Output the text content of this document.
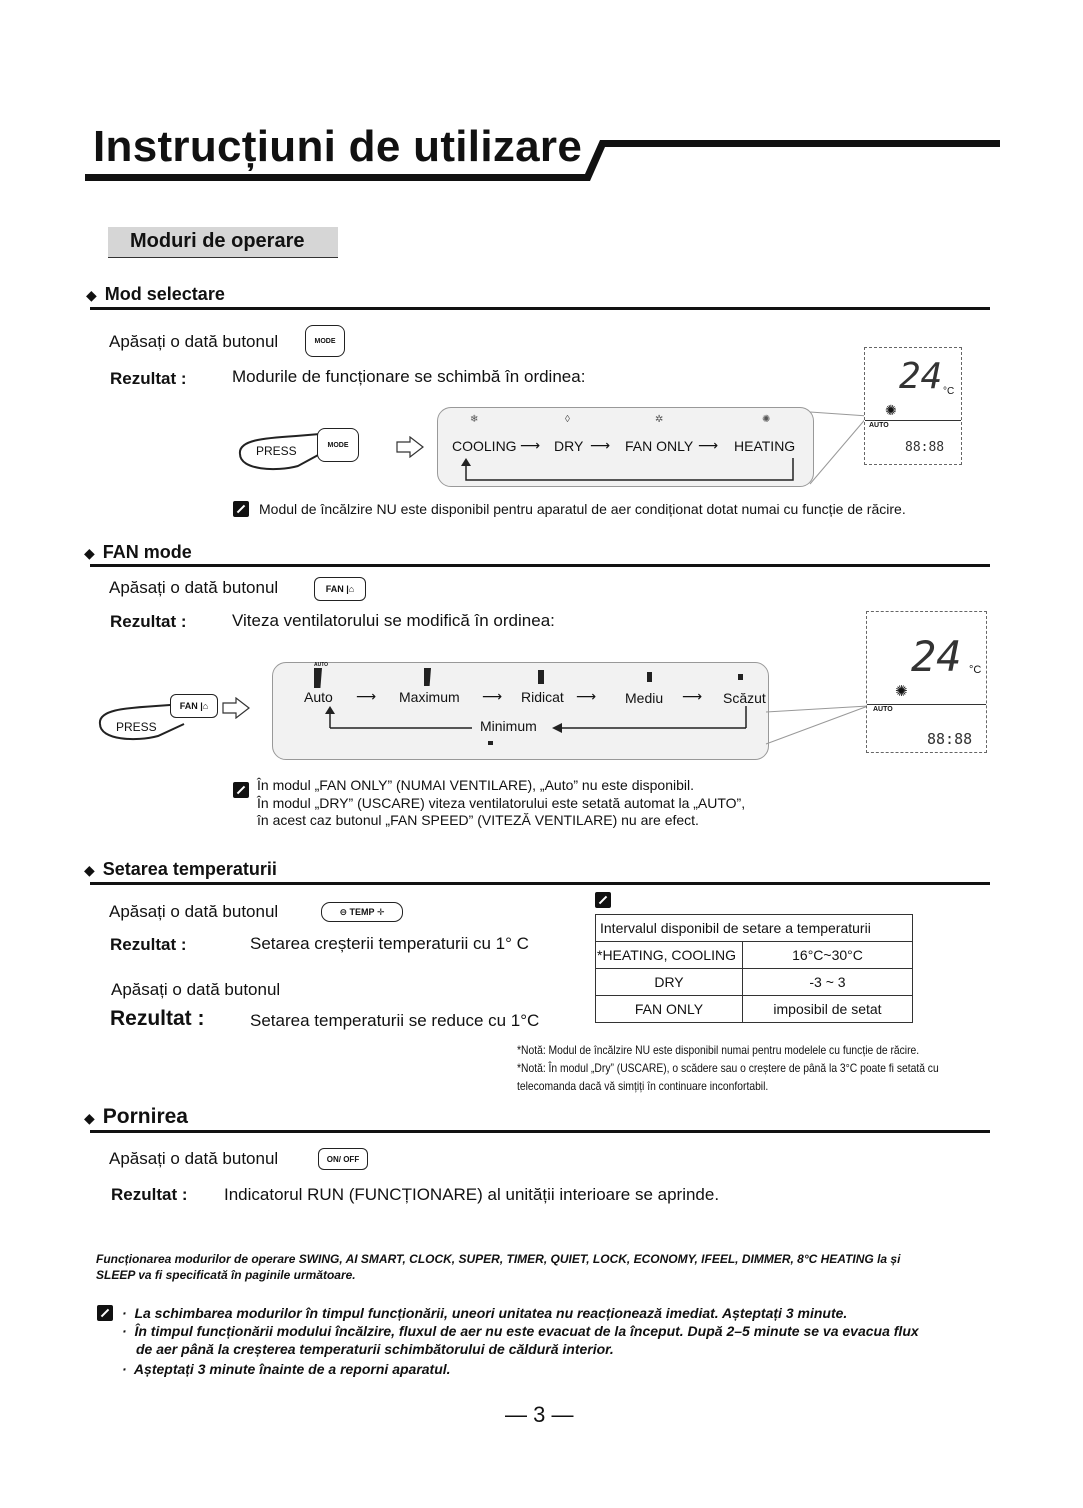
Instrucțiuni de utilizare
Moduri de operare
◆ Mod selectare
Apăsați o dată butonul	MODE
Rezultat :	Modurile de funcționare se schimbă în ordinea:
PRESS	MODE
❄	◊	✲	✺
COOLING ⟶ DRY ⟶ FAN ONLY ⟶ HEATING
24 °C
✺
AUTO
88:88
Modul de încălzire NU este disponibil pentru aparatul de aer condiționat dotat numai cu funcție de răcire.
◆ FAN mode
Apăsați o dată butonul	FAN |⌂
Rezultat :	Viteza ventilatorului se modifică în ordinea:
PRESS
FAN |⌂
AUTO
Auto ⟶ Maximum ⟶ Ridicat ⟶ Mediu ⟶ Scăzut
Minimum
24 °C
✺
AUTO
88:88
În modul „FAN ONLY” (NUMAI VENTILARE), „Auto” nu este disponibil.
În modul „DRY” (USCARE) viteza ventilatorului este setată automat la „AUTO”,
în acest caz butonul „FAN SPEED” (VITEZĂ VENTILARE) nu are efect.
◆ Setarea temperaturii
Apăsați o dată butonul	⊖ TEMP ✛
Rezultat :	Setarea creșterii temperaturii cu 1° C
Apăsați o dată butonul
Rezultat :	Setarea temperaturii se reduce cu 1°C
Intervalul disponibil de setare a temperaturii	
*HEATING, COOLING	16°C~30°C
DRY	-3 ~ 3
FAN ONLY	imposibil de setat
*Notă: Modul de încălzire NU este disponibil numai pentru modelele cu funcție de răcire.
*Notă: În modul „Dry” (USCARE), o scădere sau o creștere de până la 3°C poate fi setată cu
telecomanda dacă vă simțiți în continuare inconfortabil.
◆ Pornirea
Apăsați o dată butonul	ON/ OFF
Rezultat : Indicatorul RUN (FUNCȚIONARE) al unității interioare se aprinde.
Funcționarea modurilor de operare SWING, AI SMART, CLOCK, SUPER, TIMER, QUIET, LOCK, ECONOMY, IFEEL, DIMMER, 8°C HEATING la și
SLEEP va fi specificată în paginile următoare.
·  La schimbarea modurilor în timpul funcționării, uneori unitatea nu reacționează imediat. Așteptați 3 minute.
·  În timpul funcționării modului încălzire, fluxul de aer nu este evacuat de la început. După 2–5 minute se va evacua flux
de aer până la creșterea temperaturii schimbătorului de căldură interior.
·  Așteptați 3 minute înainte de a reporni aparatul.
— 3 —
